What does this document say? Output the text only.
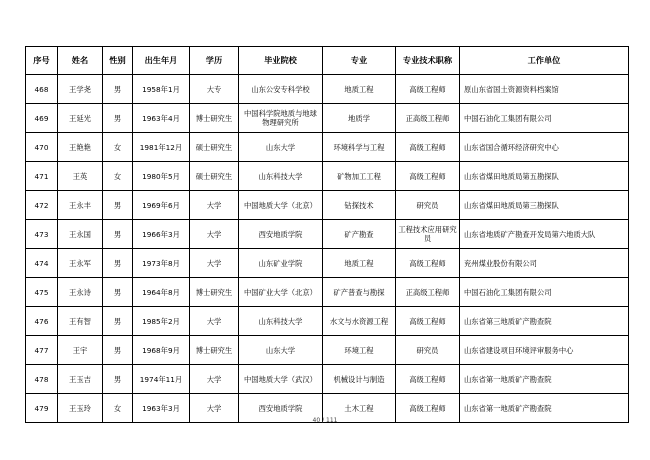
序号	姓名	性别	出生年月	学历	毕业院校	专业	专业技术职称	工作单位
468	王学尧	男	1958年1月	大专	山东公安专科学校	地质工程	高级工程师	原山东省国土资源资料档案馆
469	王延光	男	1963年4月	博士研究生	中国科学院地质与地球物理研究所	地质学	正高级工程师	中国石油化工集团有限公司
470	王艳艳	女	1981年12月	硕士研究生	山东大学	环境科学与工程	高级工程师	山东省国合循环经济研究中心
471	王英	女	1980年5月	硕士研究生	山东科技大学	矿物加工工程	高级工程师	山东省煤田地质局第五勘探队
472	王永丰	男	1969年6月	大学	中国地质大学（北京）	钻探技术	研究员	山东省煤田地质局第三勘探队
473	王永国	男	1966年3月	大学	西安地质学院	矿产勘查	工程技术应用研究员	山东省地质矿产勘查开发局第六地质大队
474	王永军	男	1973年8月	大学	山东矿业学院	地质工程	高级工程师	兖州煤业股份有限公司
475	王永诗	男	1964年8月	博士研究生	中国矿业大学（北京）	矿产普查与勘探	正高级工程师	中国石油化工集团有限公司
476	王有智	男	1985年2月	大学	山东科技大学	水文与水资源工程	高级工程师	山东省第三地质矿产勘查院
477	王宇	男	1968年9月	博士研究生	山东大学	环境工程	研究员	山东省建设项目环境评审服务中心
478	王玉吉	男	1974年11月	大学	中国地质大学（武汉）	机械设计与制造	高级工程师	山东省第一地质矿产勘查院
479	王玉玲	女	1963年3月	大学	西安地质学院	土木工程	高级工程师	山东省第一地质矿产勘查院
40 / 111
